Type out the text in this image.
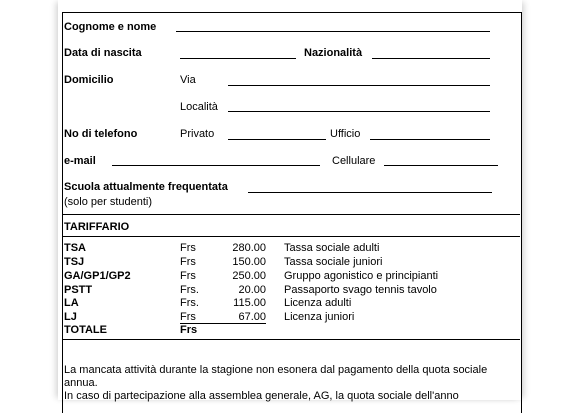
Cognome e nome
Data di nascita	Nazionalità
Domicilio	Via
Località
No di telefono	Privato	Ufficio
e-mail	Cellulare
Scuola attualmente frequentata
(solo per studenti)
TARIFFARIO
TSA	Frs	280.00 Tassa sociale adulti
TSJ	Frs	150.00 Tassa sociale juniori
GA/GP1/GP2	Frs	250.00 Gruppo agonistico e principianti
PSTT	Frs.	20.00 Passaporto svago tennis tavolo
LA	Frs.	115.00 Licenza adulti
LJ	Frs	67.00 Licenza juniori
TOTALE	Frs
La mancata attività durante la stagione non esonera dal pagamento della quota sociale
annua.
In caso di partecipazione alla assemblea generale, AG, la quota sociale dell'anno
